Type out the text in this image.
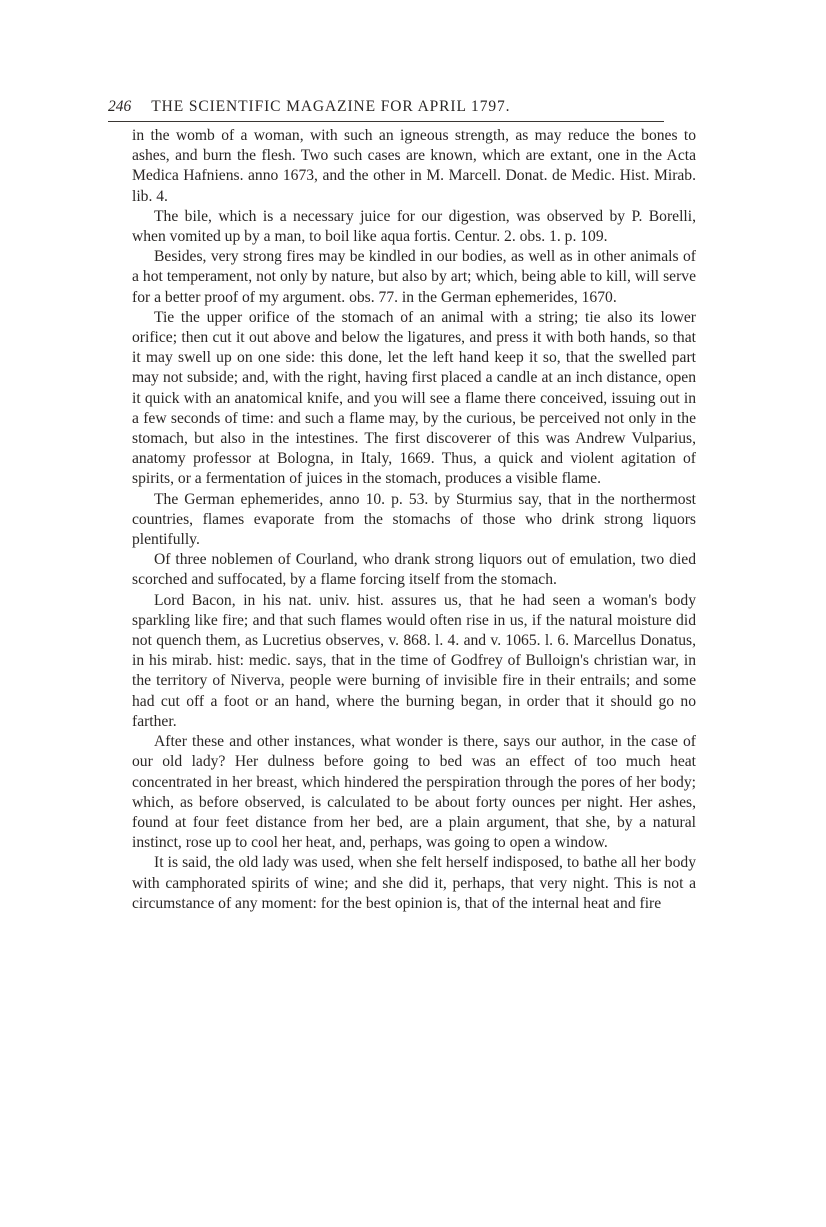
246 THE SCIENTIFIC MAGAZINE FOR APRIL 1797.

in the womb of a woman, with such an igneous strength, as may reduce the bones to ashes, and burn the flesh. Two such cases are known, which are extant, one in the Acta Medica Hafniens. anno 1673, and the other in M. Marcell. Donat. de Medic. Hist. Mirab. lib. 4.

The bile, which is a necessary juice for our digestion, was observed by P. Borelli, when vomited up by a man, to boil like aqua fortis. Centur. 2. obs. 1. p. 109.

Besides, very strong fires may be kindled in our bodies, as well as in other animals of a hot temperament, not only by nature, but also by art; which, being able to kill, will serve for a better proof of my argument. obs. 77. in the German ephemerides, 1670.

Tie the upper orifice of the stomach of an animal with a string; tie also its lower orifice; then cut it out above and below the ligatures, and press it with both hands, so that it may swell up on one side: this done, let the left hand keep it so, that the swelled part may not subside; and, with the right, having first placed a candle at an inch distance, open it quick with an anatomical knife, and you will see a flame there conceived, issuing out in a few seconds of time: and such a flame may, by the curious, be perceived not only in the stomach, but also in the intestines. The first discoverer of this was Andrew Vulparius, anatomy professor at Bologna, in Italy, 1669. Thus, a quick and violent agitation of spirits, or a fermentation of juices in the stomach, produces a visible flame.

The German ephemerides, anno 10. p. 53. by Sturmius say, that in the northermost countries, flames evaporate from the stomachs of those who drink strong liquors plentifully.

Of three noblemen of Courland, who drank strong liquors out of emulation, two died scorched and suffocated, by a flame forcing itself from the stomach.

Lord Bacon, in his nat. univ. hist. assures us, that he had seen a woman's body sparkling like fire; and that such flames would often rise in us, if the natural moisture did not quench them, as Lucretius observes, v. 868. l. 4. and v. 1065. l. 6. Marcellus Donatus, in his mirab. hist: medic. says, that in the time of Godfrey of Bulloign's christian war, in the territory of Niverva, people were burning of invisible fire in their entrails; and some had cut off a foot or an hand, where the burning began, in order that it should go no farther.

After these and other instances, what wonder is there, says our author, in the case of our old lady? Her dulness before going to bed was an effect of too much heat concentrated in her breast, which hindered the perspiration through the pores of her body; which, as before observed, is calculated to be about forty ounces per night. Her ashes, found at four feet distance from her bed, are a plain argument, that she, by a natural instinct, rose up to cool her heat, and, perhaps, was going to open a window.

It is said, the old lady was used, when she felt herself indisposed, to bathe all her body with camphorated spirits of wine; and she did it, perhaps, that very night. This is not a circumstance of any moment: for the best opinion is, that of the internal heat and fire
